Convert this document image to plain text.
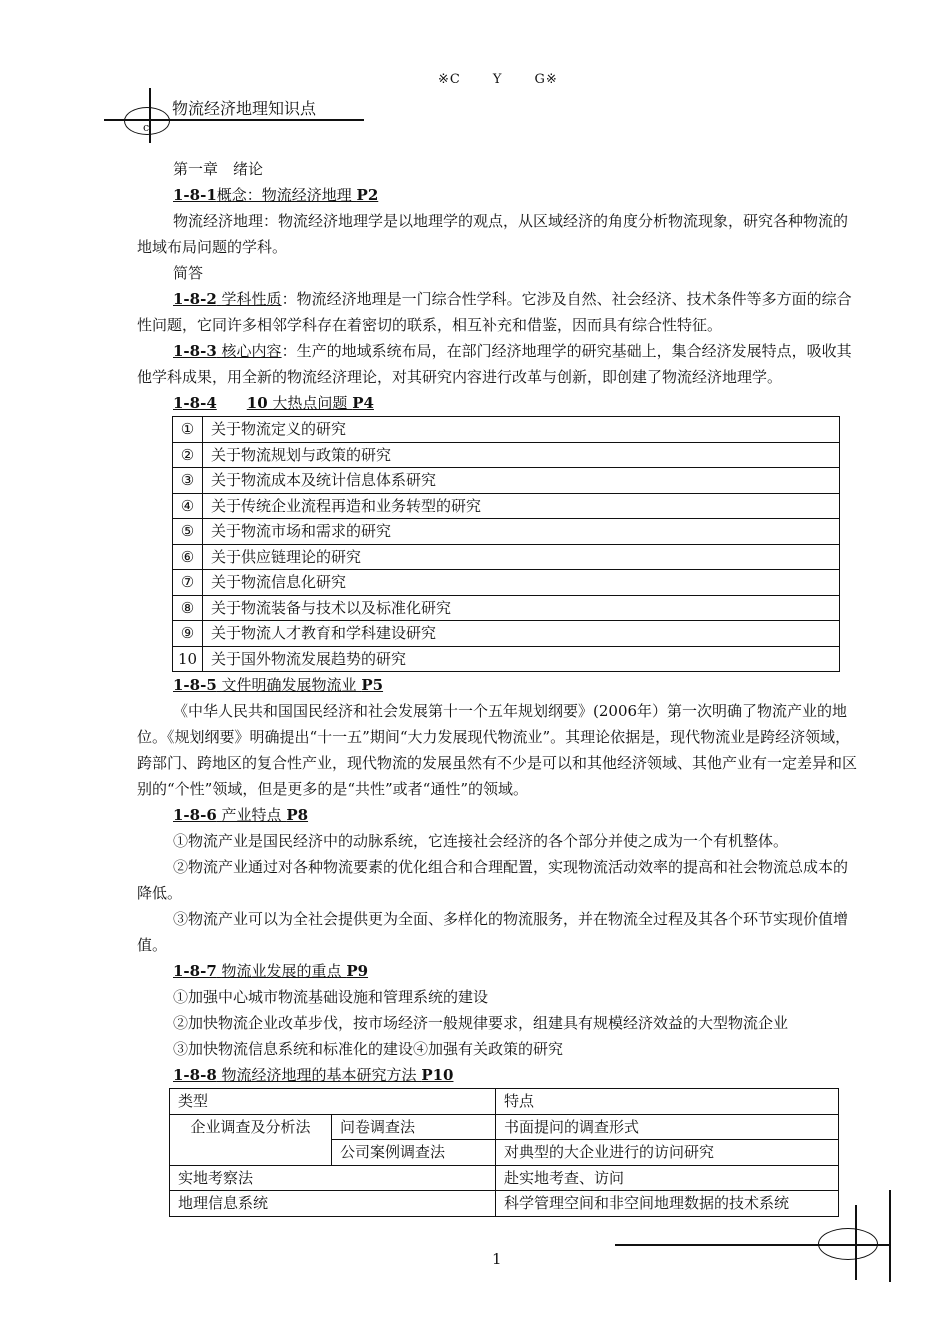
※C Y G※
c
物流经济地理知识点

第一章　绪论

1-8-1概念：物流经济地理 P2

物流经济地理：物流经济地理学是以地理学的观点，从区域经济的角度分析物流现象，研究各种物流的地域布局问题的学科。

简答

1-8-2 学科性质：物流经济地理是一门综合性学科。它涉及自然、社会经济、技术条件等多方面的综合性问题，它同许多相邻学科存在着密切的联系，相互补充和借鉴，因而具有综合性特征。

1-8-3 核心内容：生产的地域系统布局，在部门经济地理学的研究基础上，集合经济发展特点，吸收其他学科成果，用全新的物流经济理论，对其研究内容进行改革与创新，即创建了物流经济地理学。

1-8-4 10 大热点问题 P4

①	关于物流定义的研究
②	关于物流规划与政策的研究
③	关于物流成本及统计信息体系研究
④	关于传统企业流程再造和业务转型的研究
⑤	关于物流市场和需求的研究
⑥	关于供应链理论的研究
⑦	关于物流信息化研究
⑧	关于物流装备与技术以及标准化研究
⑨	关于物流人才教育和学科建设研究
10	关于国外物流发展趋势的研究

1-8-5 文件明确发展物流业 P5

《中华人民共和国国民经济和社会发展第十一个五年规划纲要》(2006年）第一次明确了物流产业的地位。《规划纲要》明确提出“十一五”期间“大力发展现代物流业”。其理论依据是，现代物流业是跨经济领域，跨部门、跨地区的复合性产业，现代物流的发展虽然有不少是可以和其他经济领域、其他产业有一定差异和区别的“个性”领域，但是更多的是“共性”或者“通性”的领域。

1-8-6 产业特点 P8

①物流产业是国民经济中的动脉系统，它连接社会经济的各个部分并使之成为一个有机整体。

②物流产业通过对各种物流要素的优化组合和合理配置，实现物流活动效率的提高和社会物流总成本的降低。

③物流产业可以为全社会提供更为全面、多样化的物流服务，并在物流全过程及其各个环节实现价值增值。

1-8-7 物流业发展的重点 P9

①加强中心城市物流基础设施和管理系统的建设

②加快物流企业改革步伐，按市场经济一般规律要求，组建具有规模经济效益的大型物流企业

③加快物流信息系统和标准化的建设④加强有关政策的研究

1-8-8 物流经济地理的基本研究方法 P10

类型		特点
企业调查及分析法	问卷调查法	书面提问的调查形式
	公司案例调查法	对典型的大企业进行的访问研究
实地考察法		赴实地考查、访问
地理信息系统		科学管理空间和非空间地理数据的技术系统
1
